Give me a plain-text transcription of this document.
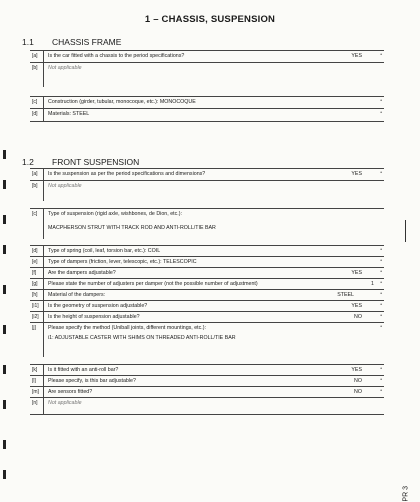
1 – CHASSIS, SUSPENSION
1.1 CHASSIS FRAME
[a]	Is the car fitted with a chassis to the period specifications?	YES	•
[b]	Not applicable
[c]	Construction (girder, tubular, monocoque, etc.): MONOCOQUE	•
[d]	Materials: STEEL	•
1.2 FRONT SUSPENSION
[a]	Is the suspension as per the period specifications and dimensions?	YES	•
[b]	Not applicable
[c]	Type of suspension (rigid axle, wishbones, de Dion, etc.):
MACPHERSON STRUT WITH TRACK ROD AND ANTI-ROLL/TIE BAR
[d]	Type of spring (coil, leaf, torsion bar, etc.): COIL	•
[e]	Type of dampers (friction, lever, telescopic, etc.): TELESCOPIC	•
[f]	Are the dampers adjustable?	YES	•
[g]	Please state the number of adjusters per damper (not the possible number of adjustment)	1 •
[h]	Material of the dampers:	STEEL	•
[i1]	Is the geometry of suspension adjustable?	YES	•
[i2]	Is the height of suspension adjustable?	NO	•
[j]	Please specify the method (Uniball joints, different mountings, etc.):
i1: ADJUSTABLE CASTER WITH SHIMS ON THREADED ANTI-ROLL/TIE BAR
•
[k]	Is it fitted with an anti-roll bar?	YES	•
[l]	Please specify, is this bar adjustable?	NO	•
[m]	Are sensors fitted?	NO	•
[n]	Not applicable
PR 3
